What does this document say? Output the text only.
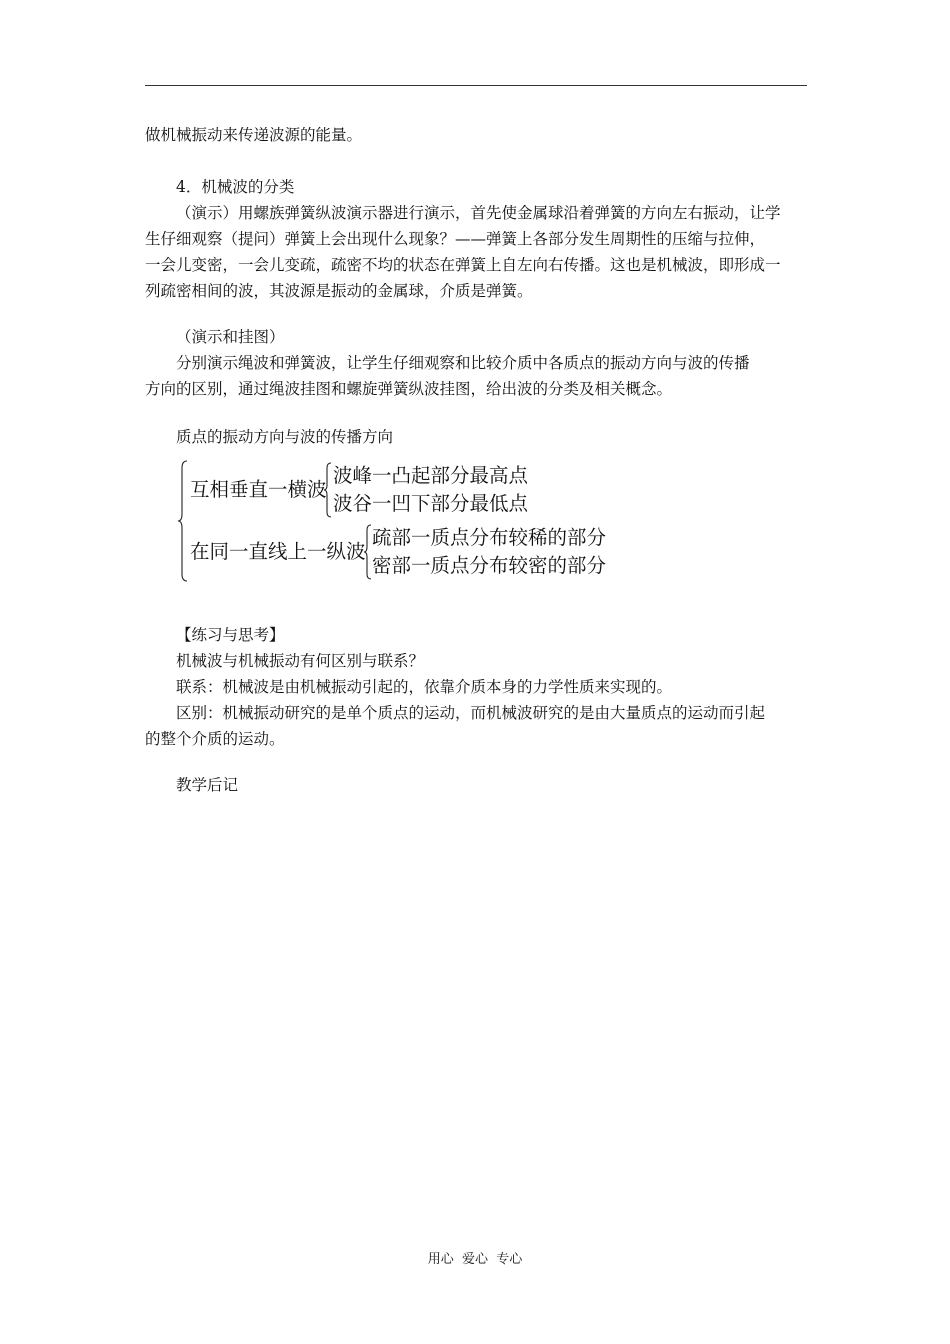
做机械振动来传递波源的能量。

4．机械波的分类

（演示）用螺族弹簧纵波演示器进行演示，首先使金属球沿着弹簧的方向左右振动，让学
生仔细观察（提问）弹簧上会出现什么现象？——弹簧上各部分发生周期性的压缩与拉伸，
一会儿变密，一会儿变疏，疏密不均的状态在弹簧上自左向右传播。这也是机械波，即形成一
列疏密相间的波，其波源是振动的金属球，介质是弹簧。

（演示和挂图）

分别演示绳波和弹簧波，让学生仔细观察和比较介质中各质点的振动方向与波的传播
方向的区别，通过绳波挂图和螺旋弹簧纵波挂图，给出波的分类及相关概念。

质点的振动方向与波的传播方向

互相垂直一横波
波峰一凸起部分最高点
波谷一凹下部分最低点
在同一直线上一纵波
疏部一质点分布较稀的部分
密部一质点分布较密的部分

【练习与思考】

机械波与机械振动有何区别与联系？

联系：机械波是由机械振动引起的，依靠介质本身的力学性质来实现的。

区别：机械振动研究的是单个质点的运动，而机械波研究的是由大量质点的运动而引起
的整个介质的运动。

教学后记

用心  爱心  专心
